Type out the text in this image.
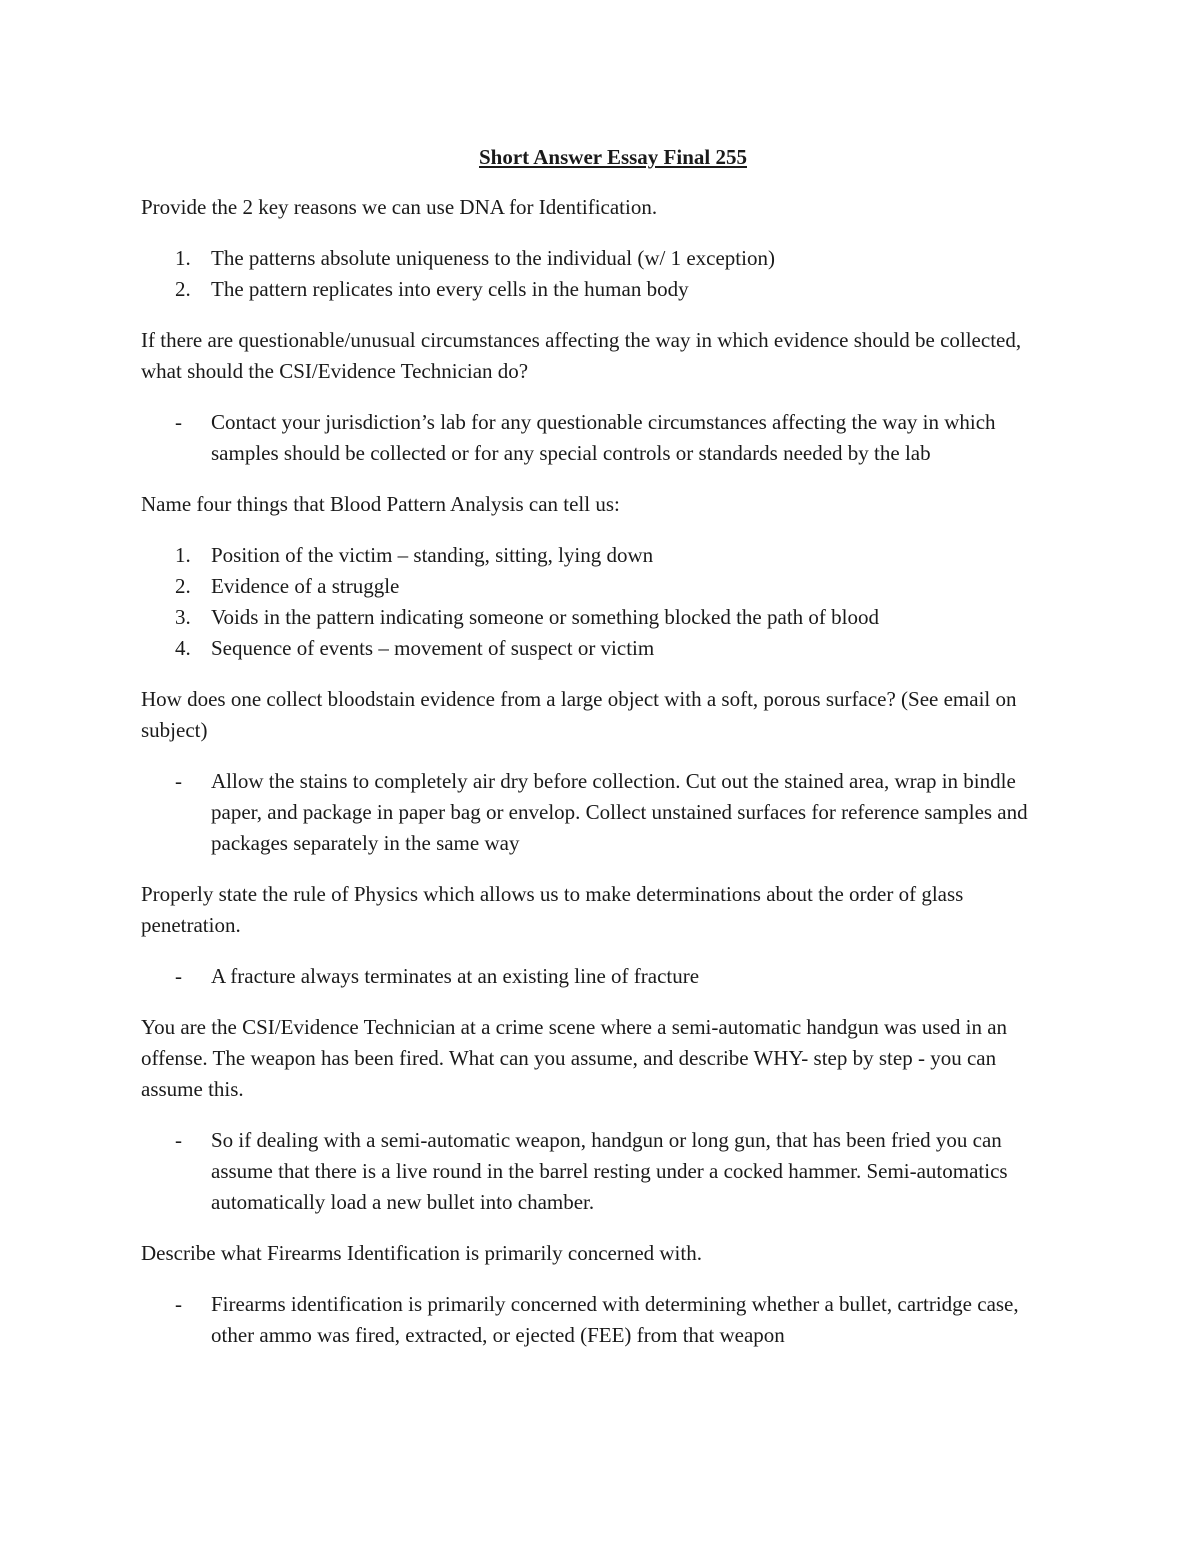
Short Answer Essay Final 255
Provide the 2 key reasons we can use DNA for Identification.
1. The patterns absolute uniqueness to the individual (w/ 1 exception)
2. The pattern replicates into every cells in the human body
If there are questionable/unusual circumstances affecting the way in which evidence should be collected, what should the CSI/Evidence Technician do?
- Contact your jurisdiction’s lab for any questionable circumstances affecting the way in which samples should be collected or for any special controls or standards needed by the lab
Name four things that Blood Pattern Analysis can tell us:
1. Position of the victim – standing, sitting, lying down
2. Evidence of a struggle
3. Voids in the pattern indicating someone or something blocked the path of blood
4. Sequence of events – movement of suspect or victim
How does one collect bloodstain evidence from a large object with a soft, porous surface? (See email on subject)
- Allow the stains to completely air dry before collection. Cut out the stained area, wrap in bindle paper, and package in paper bag or envelop. Collect unstained surfaces for reference samples and packages separately in the same way
Properly state the rule of Physics which allows us to make determinations about the order of glass penetration.
- A fracture always terminates at an existing line of fracture
You are the CSI/Evidence Technician at a crime scene where a semi-automatic handgun was used in an offense. The weapon has been fired. What can you assume, and describe WHY- step by step - you can assume this.
- So if dealing with a semi-automatic weapon, handgun or long gun, that has been fried you can assume that there is a live round in the barrel resting under a cocked hammer. Semi-automatics automatically load a new bullet into chamber.
Describe what Firearms Identification is primarily concerned with.
- Firearms identification is primarily concerned with determining whether a bullet, cartridge case, other ammo was fired, extracted, or ejected (FEE) from that weapon
